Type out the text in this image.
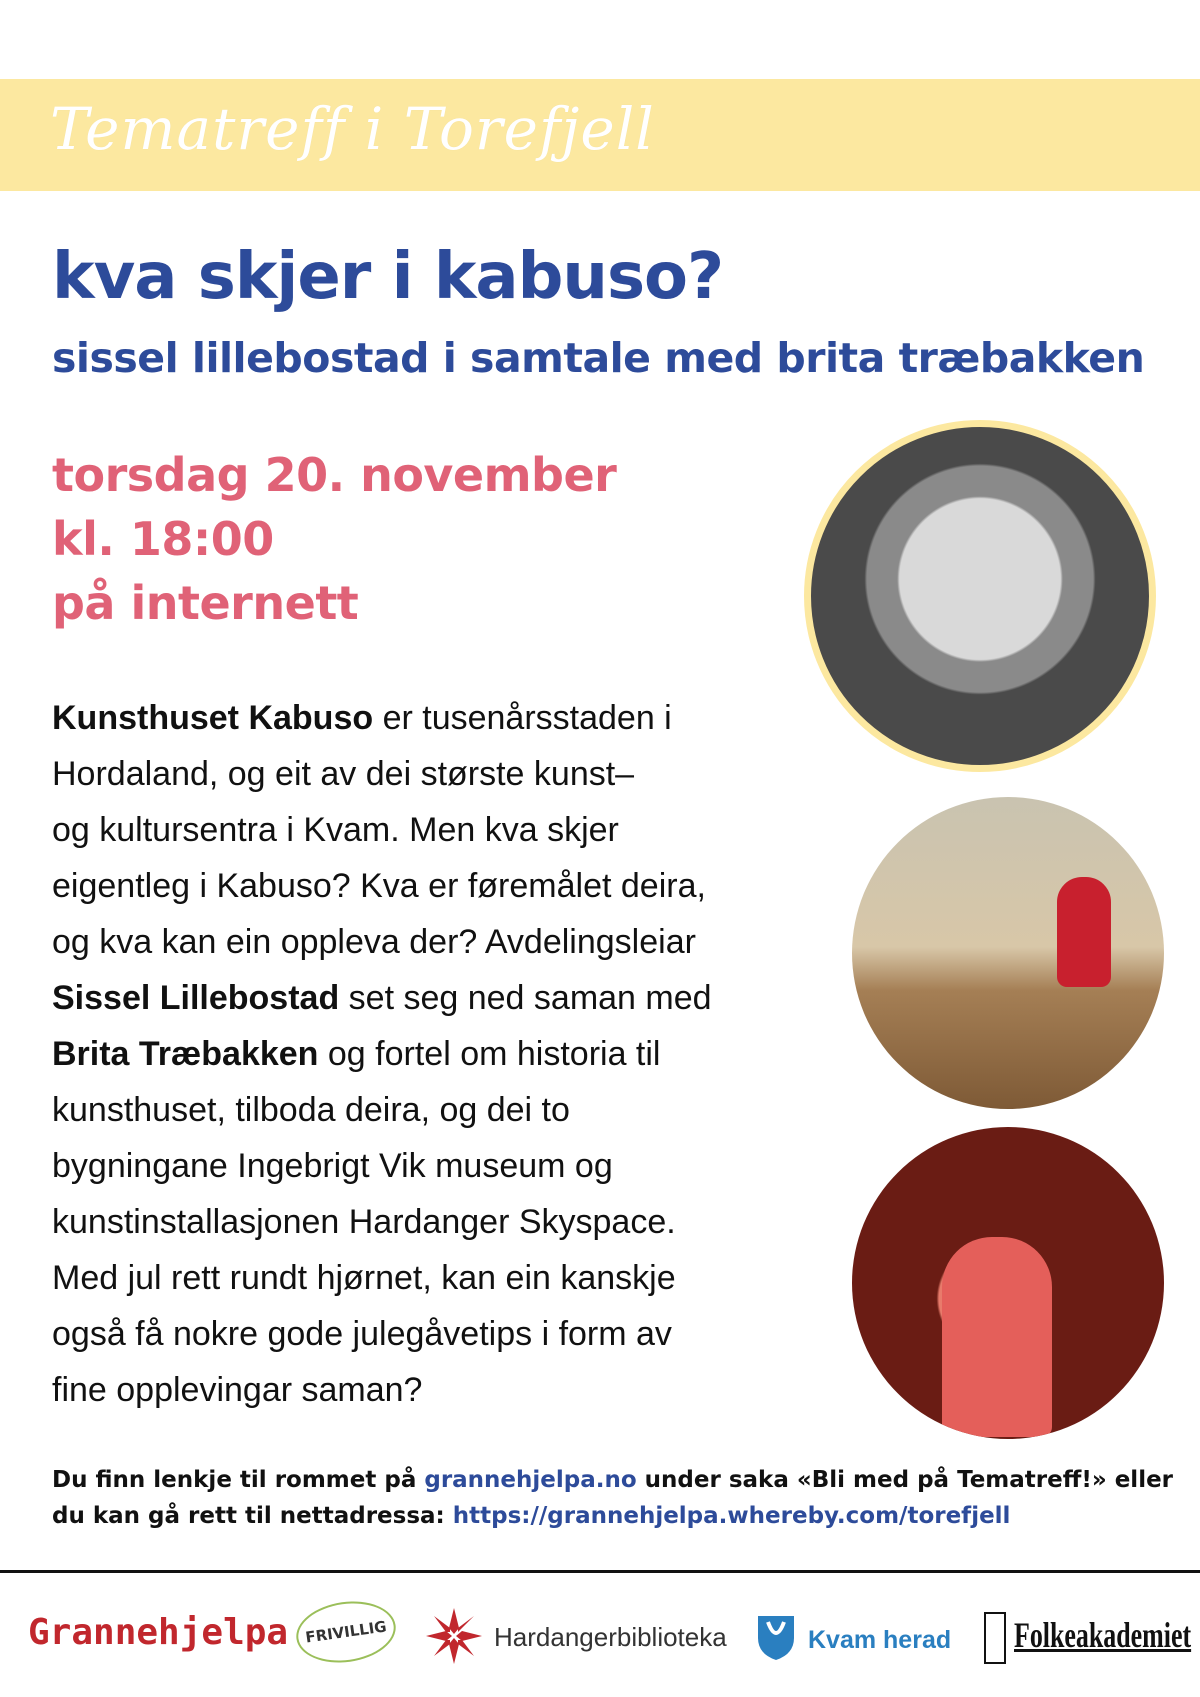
Tematreff i Torefjell
kva skjer i kabuso?
sissel lillebostad i samtale med brita træbakken
torsdag 20. november
kl. 18:00
på internett
Kunsthuset Kabuso er tusenårsstaden i
Hordaland, og eit av dei største kunst–
og kultursentra i Kvam. Men kva skjer
eigentleg i Kabuso? Kva er føremålet deira,
og kva kan ein oppleva der? Avdelingsleiar
Sissel Lillebostad set seg ned saman med
Brita Træbakken og fortel om historia til
kunsthuset, tilboda deira, og dei to
bygningane Ingebrigt Vik museum og
kunstinstallasjonen Hardanger Skyspace.
Med jul rett rundt hjørnet, kan ein kanskje
også få nokre gode julegåvetips i form av
fine opplevingar saman?
Du finn lenkje til rommet på grannehjelpa.no under saka «Bli med på Tematreff!» eller
du kan gå rett til nettadressa: https://grannehjelpa.whereby.com/torefjell
Grannehjelpa	FRIVILLIG	Hardangerbiblioteka	Kvam herad Folkeakademiet
